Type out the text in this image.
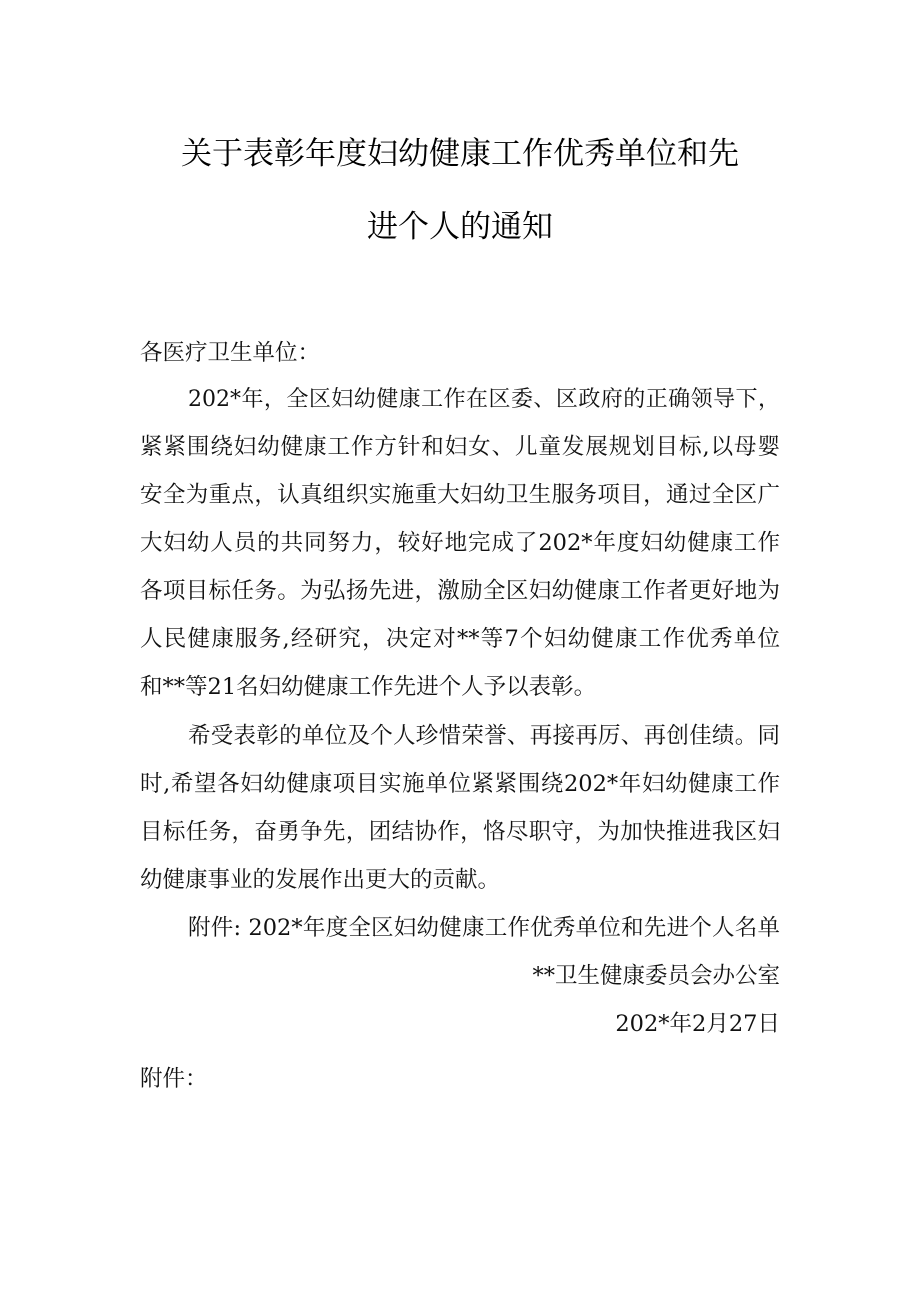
关于表彰年度妇幼健康工作优秀单位和先
进个人的通知
各医疗卫生单位：
202*年，全区妇幼健康工作在区委、区政府的正确领导下，
紧紧围绕妇幼健康工作方针和妇女、儿童发展规划目标,以母婴
安全为重点，认真组织实施重大妇幼卫生服务项目，通过全区广
大妇幼人员的共同努力，较好地完成了202*年度妇幼健康工作
各项目标任务。为弘扬先进，激励全区妇幼健康工作者更好地为
人民健康服务,经研究，决定对**等7个妇幼健康工作优秀单位
和**等21名妇幼健康工作先进个人予以表彰。
希受表彰的单位及个人珍惜荣誉、再接再厉、再创佳绩。同
时,希望各妇幼健康项目实施单位紧紧围绕202*年妇幼健康工作
目标任务，奋勇争先，团结协作，恪尽职守，为加快推进我区妇
幼健康事业的发展作出更大的贡献。
附件: 202*年度全区妇幼健康工作优秀单位和先进个人名单
**卫生健康委员会办公室
202*年2月27日
附件：
